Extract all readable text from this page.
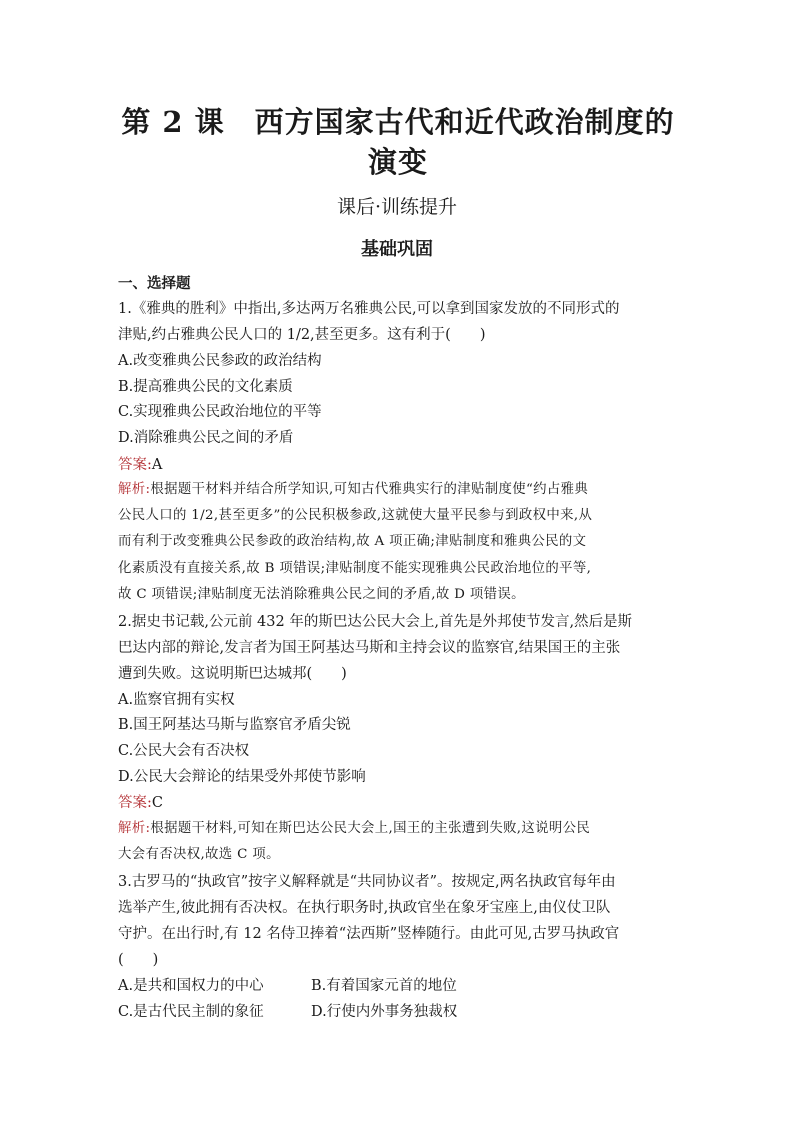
第 2 课　西方国家古代和近代政治制度的
演变
课后·训练提升
基础巩固
一、选择题
1.《雅典的胜利》中指出,多达两万名雅典公民,可以拿到国家发放的不同形式的
津贴,约占雅典公民人口的 1/2,甚至更多。这有利于(　　)
A.改变雅典公民参政的政治结构
B.提高雅典公民的文化素质
C.实现雅典公民政治地位的平等
D.消除雅典公民之间的矛盾
答案:A
解析:根据题干材料并结合所学知识,可知古代雅典实行的津贴制度使“约占雅典
公民人口的 1/2,甚至更多”的公民积极参政,这就使大量平民参与到政权中来,从
而有利于改变雅典公民参政的政治结构,故 A 项正确;津贴制度和雅典公民的文
化素质没有直接关系,故 B 项错误;津贴制度不能实现雅典公民政治地位的平等,
故 C 项错误;津贴制度无法消除雅典公民之间的矛盾,故 D 项错误。
2.据史书记载,公元前 432 年的斯巴达公民大会上,首先是外邦使节发言,然后是斯
巴达内部的辩论,发言者为国王阿基达马斯和主持会议的监察官,结果国王的主张
遭到失败。这说明斯巴达城邦(　　)
A.监察官拥有实权
B.国王阿基达马斯与监察官矛盾尖锐
C.公民大会有否决权
D.公民大会辩论的结果受外邦使节影响
答案:C
解析:根据题干材料,可知在斯巴达公民大会上,国王的主张遭到失败,这说明公民
大会有否决权,故选 C 项。
3.古罗马的“执政官”按字义解释就是“共同协议者”。按规定,两名执政官每年由
选举产生,彼此拥有否决权。在执行职务时,执政官坐在象牙宝座上,由仪仗卫队
守护。在出行时,有 12 名侍卫捧着“法西斯”竖棒随行。由此可见,古罗马执政官
(　　)
A.是共和国权力的中心	B.有着国家元首的地位
C.是古代民主制的象征	D.行使内外事务独裁权
